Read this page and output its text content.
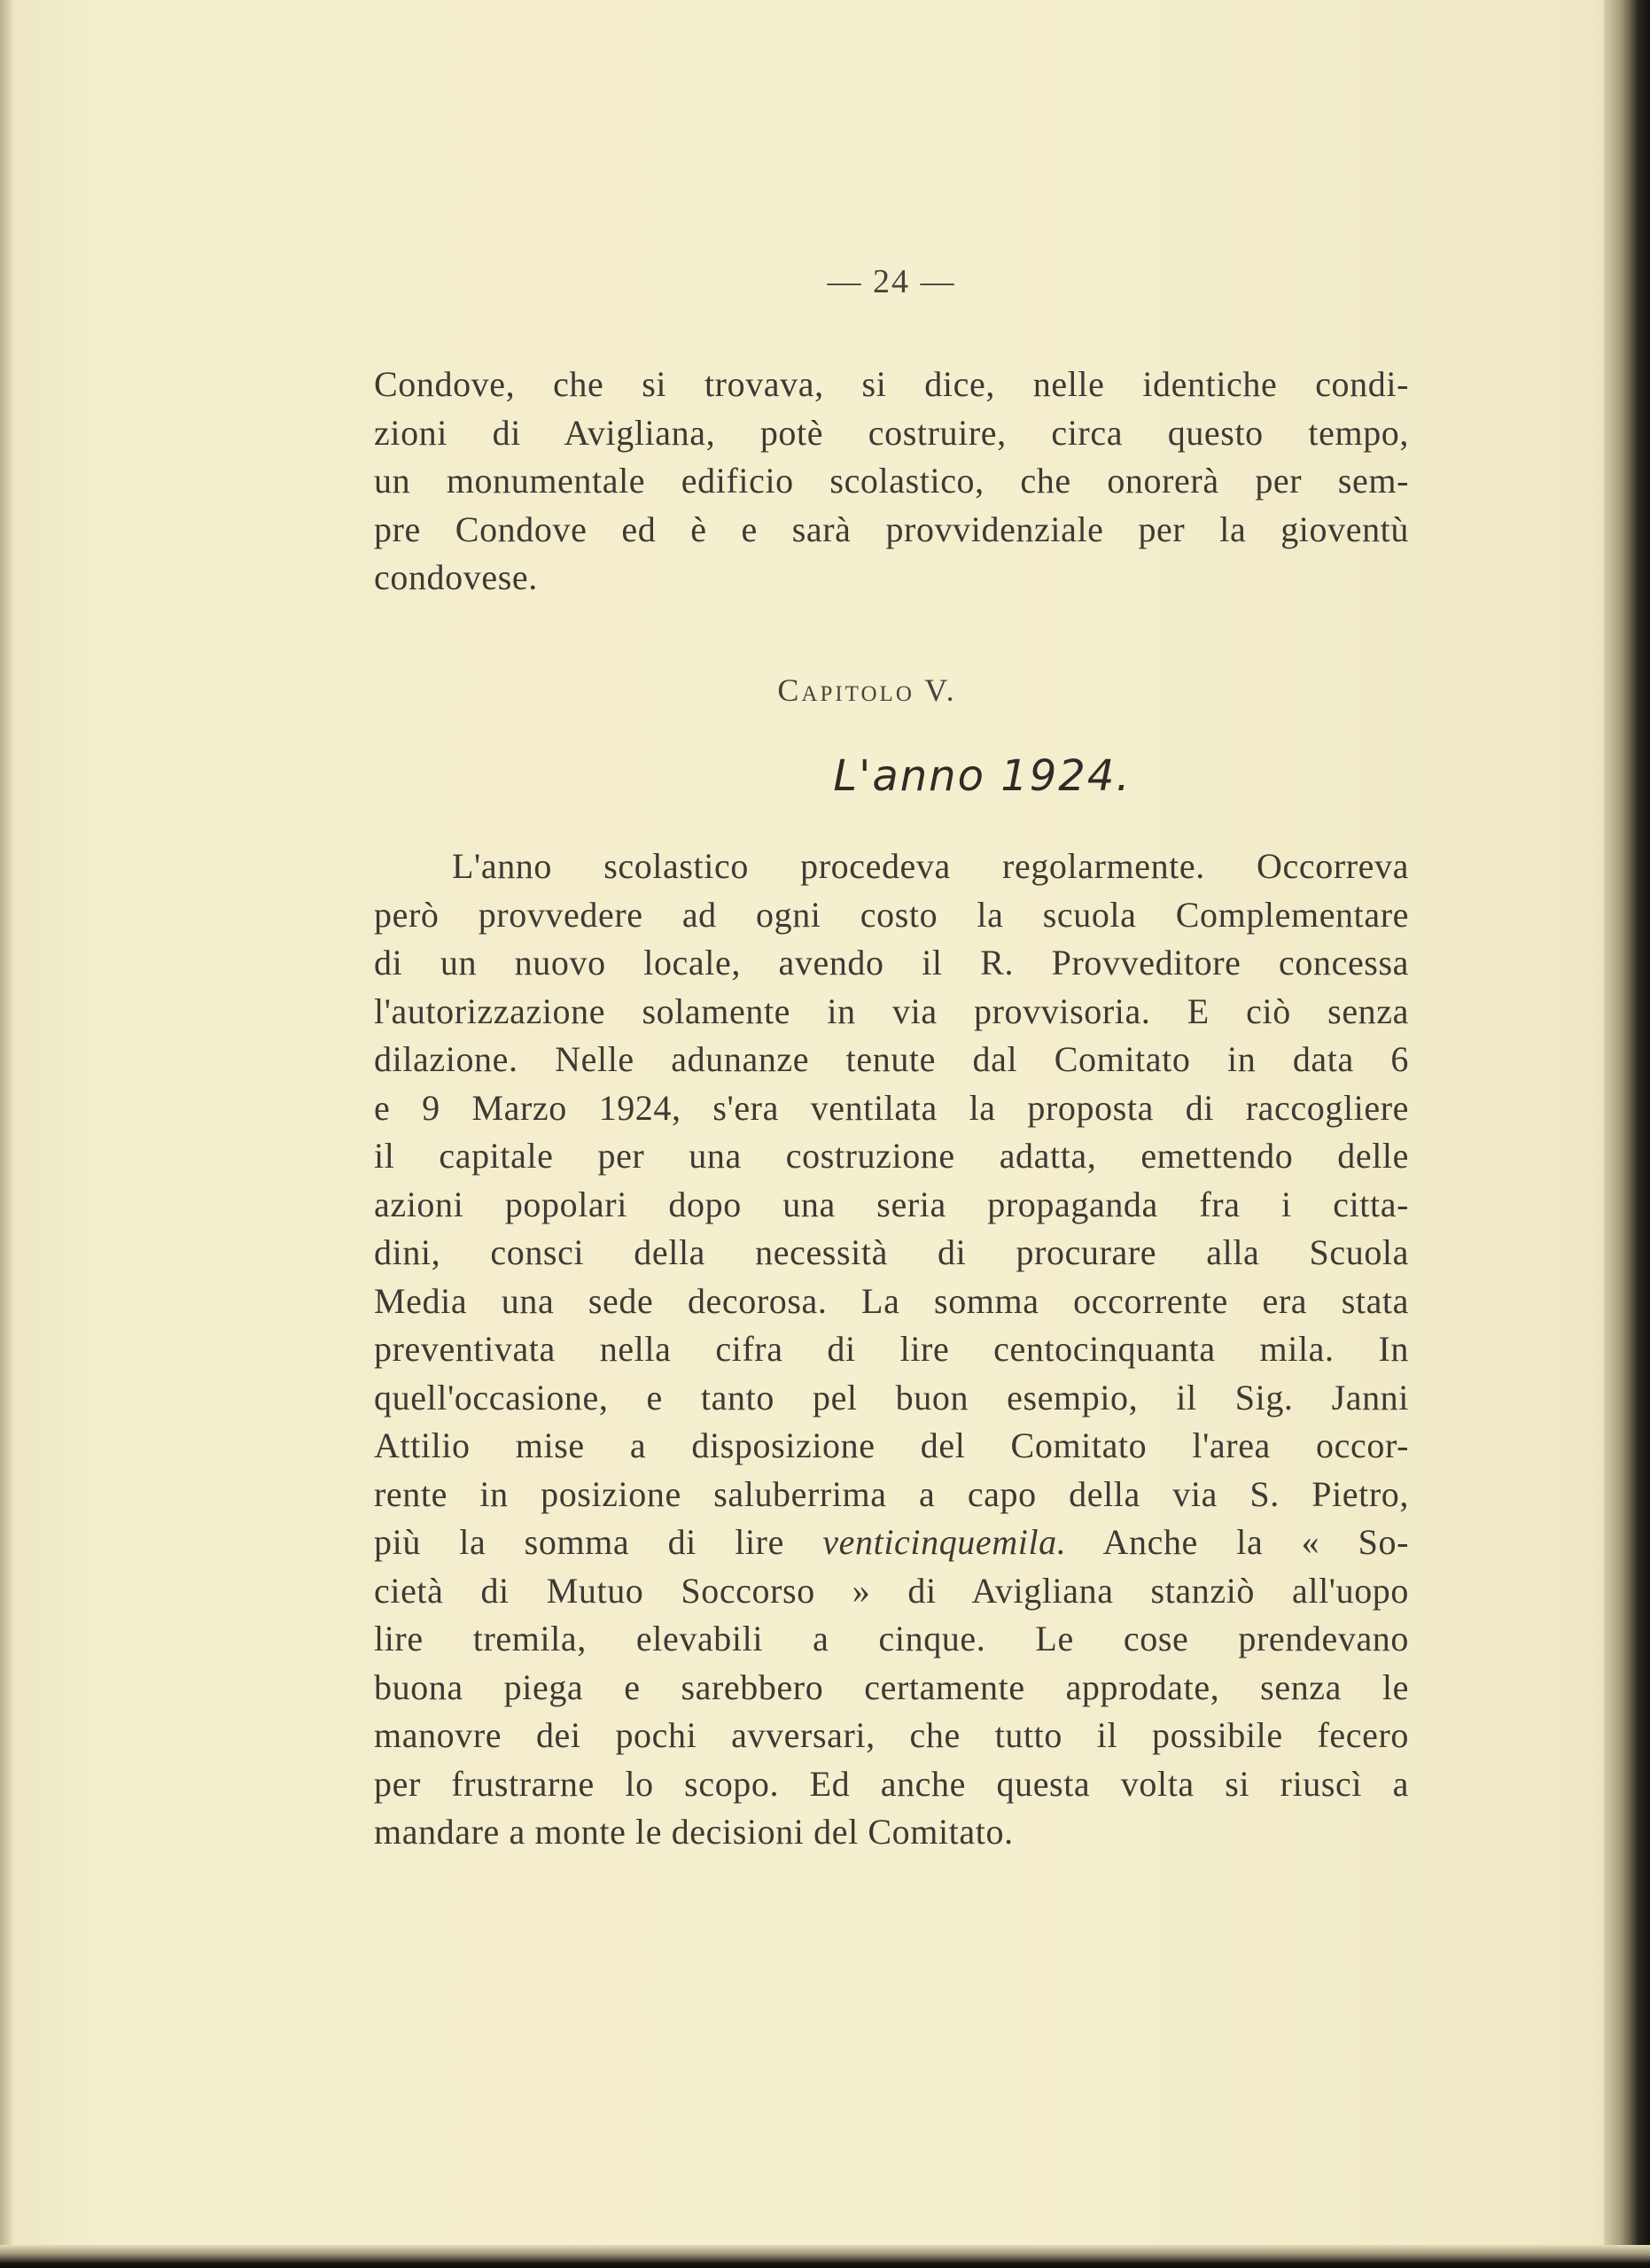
— 24 —
Condove, che si trovava, si dice, nelle identiche condi-
zioni di Avigliana, potè costruire, circa questo tempo,
un monumentale edificio scolastico, che onorerà per sem-
pre Condove ed è e sarà provvidenziale per la gioventù
condovese.
Capitolo V.
L'anno 1924.
L'anno scolastico procedeva regolarmente. Occorreva
però provvedere ad ogni costo la scuola Complementare
di un nuovo locale, avendo il R. Provveditore concessa
l'autorizzazione solamente in via provvisoria. E ciò senza
dilazione. Nelle adunanze tenute dal Comitato in data 6
e 9 Marzo 1924, s'era ventilata la proposta di raccogliere
il capitale per una costruzione adatta, emettendo delle
azioni popolari dopo una seria propaganda fra i citta-
dini, consci della necessità di procurare alla Scuola
Media una sede decorosa. La somma occorrente era stata
preventivata nella cifra di lire centocinquanta mila. In
quell'occasione, e tanto pel buon esempio, il Sig. Janni
Attilio mise a disposizione del Comitato l'area occor-
rente in posizione saluberrima a capo della via S. Pietro,
più la somma di lire venticinquemila. Anche la « So-
cietà di Mutuo Soccorso » di Avigliana stanziò all'uopo
lire tremila, elevabili a cinque. Le cose prendevano
buona piega e sarebbero certamente approdate, senza le
manovre dei pochi avversari, che tutto il possibile fecero
per frustrarne lo scopo. Ed anche questa volta si riuscì a
mandare a monte le decisioni del Comitato.
